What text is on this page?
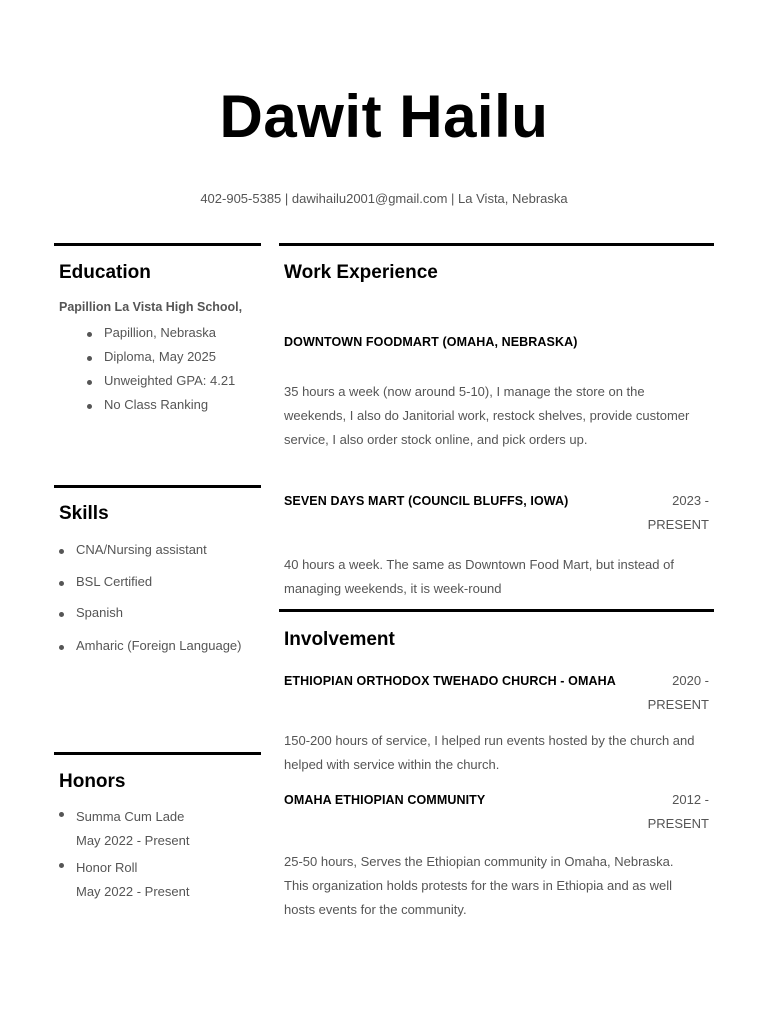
Dawit Hailu
402-905-5385 | dawihailu2001@gmail.com | La Vista, Nebraska
Education
Papillion La Vista High School,
Papillion, Nebraska
Diploma, May 2025
Unweighted GPA: 4.21
No Class Ranking
Skills
CNA/Nursing assistant
BSL Certified
Spanish
Amharic (Foreign Language)
Honors
Summa Cum Lade
May 2022 - Present
Honor Roll
May 2022 - Present
Work Experience
DOWNTOWN FOODMART (OMAHA, NEBRASKA)
35 hours a week (now around 5-10), I manage the store on the
weekends, I also do Janitorial work, restock shelves, provide customer
service, I also order stock online, and pick orders up.
SEVEN DAYS MART (COUNCIL BLUFFS, IOWA)	2023 -
PRESENT
40 hours a week. The same as Downtown Food Mart, but instead of
managing weekends, it is week-round
Involvement
ETHIOPIAN ORTHODOX TWEHADO CHURCH - OMAHA	2020 -
PRESENT
150-200 hours of service, I helped run events hosted by the church and
helped with service within the church.
OMAHA ETHIOPIAN COMMUNITY	2012 -
PRESENT
25-50 hours, Serves the Ethiopian community in Omaha, Nebraska.
This organization holds protests for the wars in Ethiopia and as well
hosts events for the community.
